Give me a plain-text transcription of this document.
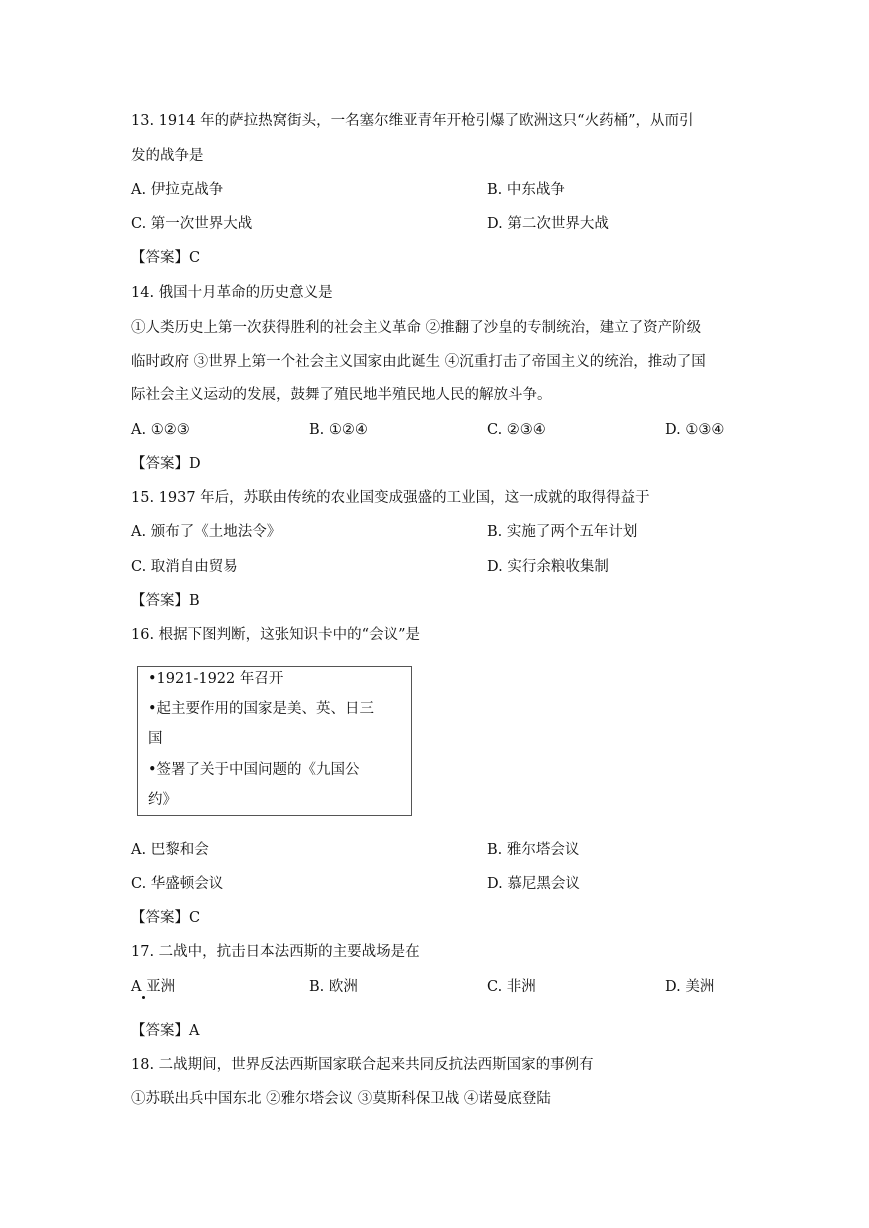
13. 1914 年的萨拉热窝街头，一名塞尔维亚青年开枪引爆了欧洲这只“火药桶”，从而引
发的战争是
A. 伊拉克战争	B. 中东战争
C. 第一次世界大战	D. 第二次世界大战
【答案】C
14. 俄国十月革命的历史意义是
①人类历史上第一次获得胜利的社会主义革命 ②推翻了沙皇的专制统治，建立了资产阶级
临时政府 ③世界上第一个社会主义国家由此诞生 ④沉重打击了帝国主义的统治，推动了国
际社会主义运动的发展，鼓舞了殖民地半殖民地人民的解放斗争。
A. ①②③	B. ①②④	C. ②③④	D. ①③④
【答案】D
15. 1937 年后，苏联由传统的农业国变成强盛的工业国，这一成就的取得得益于
A. 颁布了《土地法令》	B. 实施了两个五年计划
C. 取消自由贸易	D. 实行余粮收集制
【答案】B
16. 根据下图判断，这张知识卡中的“会议”是
•1921-1922 年召开
•起主要作用的国家是美、英、日三
国
•签署了关于中国问题的《九国公
约》
A. 巴黎和会	B. 雅尔塔会议
C. 华盛顿会议	D. 慕尼黑会议
【答案】C
17. 二战中，抗击日本法西斯的主要战场是在
A 亚洲	B. 欧洲	C. 非洲	D. 美洲
【答案】A
18. 二战期间，世界反法西斯国家联合起来共同反抗法西斯国家的事例有
①苏联出兵中国东北 ②雅尔塔会议 ③莫斯科保卫战 ④诺曼底登陆
